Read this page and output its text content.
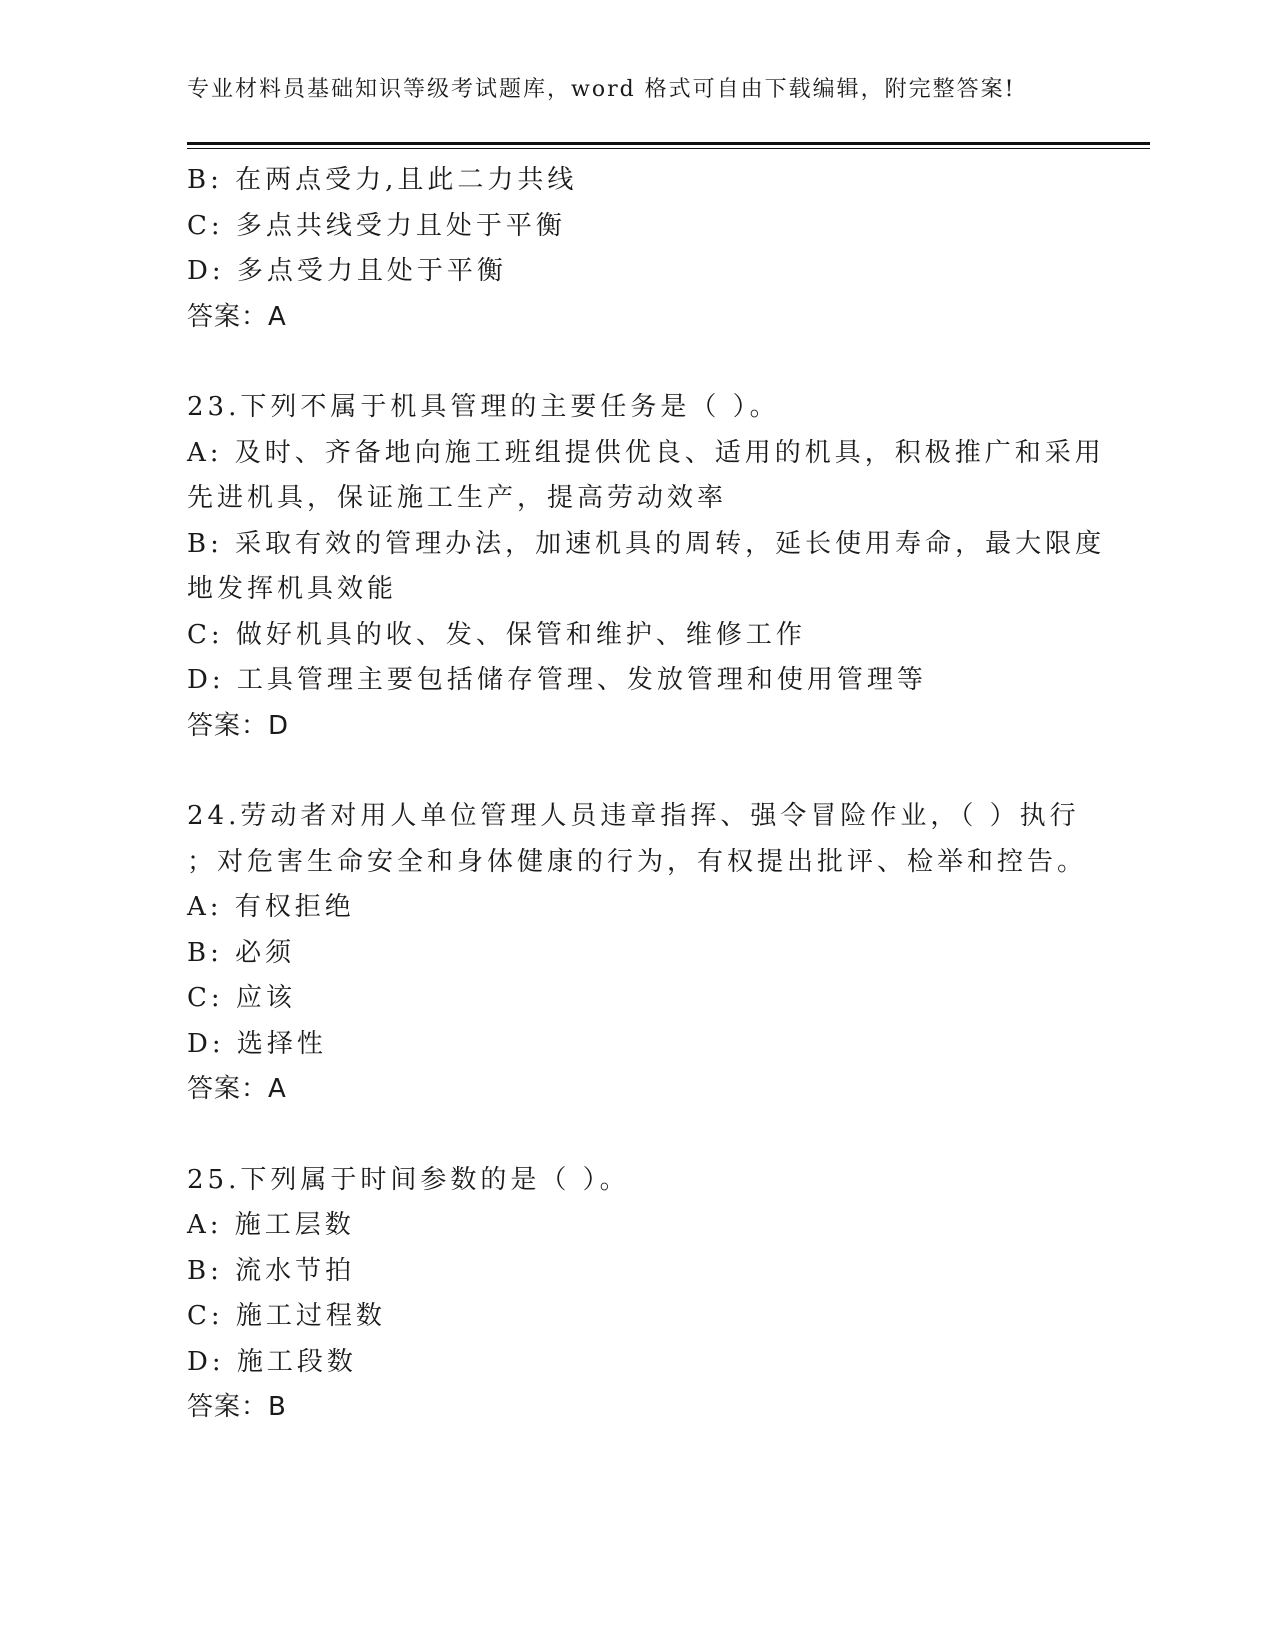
专业材料员基础知识等级考试题库，word 格式可自由下载编辑，附完整答案!
B: 在两点受力,且此二力共线
C: 多点共线受力且处于平衡
D: 多点受力且处于平衡
答案：A
23.下列不属于机具管理的主要任务是（ ）。
A: 及时、齐备地向施工班组提供优良、适用的机具，积极推广和采用
先进机具，保证施工生产，提高劳动效率
B: 采取有效的管理办法，加速机具的周转，延长使用寿命，最大限度
地发挥机具效能
C: 做好机具的收、发、保管和维护、维修工作
D: 工具管理主要包括储存管理、发放管理和使用管理等
答案：D
24.劳动者对用人单位管理人员违章指挥、强令冒险作业，（ ）执行
；对危害生命安全和身体健康的行为，有权提出批评、检举和控告。
A: 有权拒绝
B: 必须
C: 应该
D: 选择性
答案：A
25.下列属于时间参数的是（ ）。
A: 施工层数
B: 流水节拍
C: 施工过程数
D: 施工段数
答案：B
